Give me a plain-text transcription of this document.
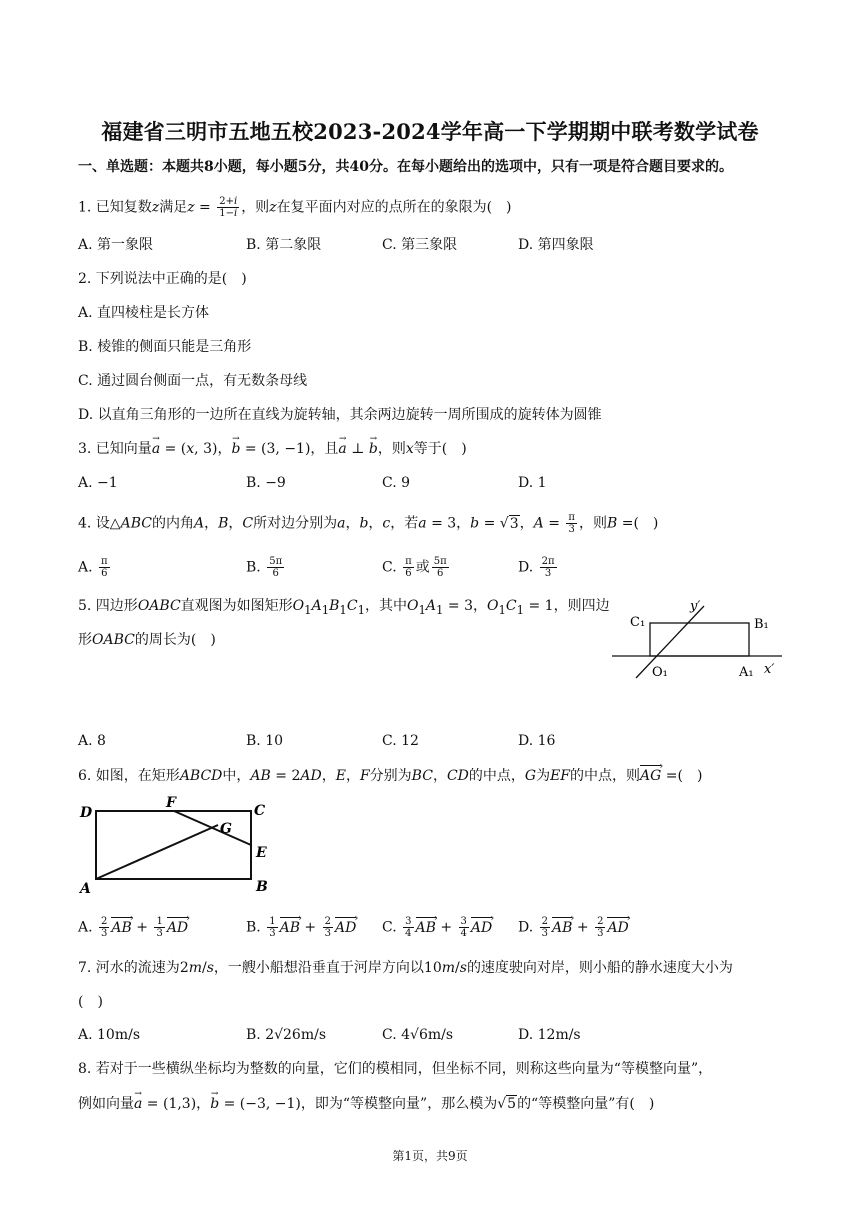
福建省三明市五地五校2023-2024学年高一下学期期中联考数学试卷
一、单选题：本题共8小题，每小题5分，共40分。在每小题给出的选项中，只有一项是符合题目要求的。
1. 已知复数z满足$z = \frac{2+i}{1-i}$ ，则z在复平面内对应的点所在的象限为(　)
A. 第一象限	B. 第二象限	C. 第三象限	D. 第四象限
2. 下列说法中正确的是(　)
A. 直四棱柱是长方体
B. 棱锥的侧面只能是三角形
C. 通过圆台侧面一点，有无数条母线
D. 以直角三角形的一边所在直线为旋转轴，其余两边旋转一周所围成的旋转体为圆锥
3. 已知向量→ a = (x, 3)，→ b = (3, −1)，且→ a ⊥ → b，则x等于(　)
A. −1	B. −9	C. 9	D. 1
4. 设△ABC的内角A，B，C所对边分别为a，b，c，若a = 3，b = √3，$A = \frac{\pi}{3}$ ，则B =(　)
A. $\frac{\pi}{6}$	B. $\frac{5\pi}{6}$	C. $\frac{\pi}{6}$ 或 $\frac{5\pi}{6}$	D. $\frac{2\pi}{3}$
5. 四边形OABC直观图为如图矩形$O_1A_1B_1C_1$，其中$O_1A_1 = 3$，$O_1C_1 = 1$，则四边
形OABC的周长为(　)
C₁	B₁
O₁	A₁ x′
y′
A. 8	B. 10	C. 12	D. 16
6. 如图，在矩形ABCD中，AB = 2AD，E，F分别为BC，CD的中点，G为EF的中点，则AG › =(　)
D
F	C
G
E
A	B
A. $\frac{2}{3}$ AB › + $\frac{1}{3}$ AD ›	B. $\frac{1}{3}$ AB › + $\frac{2}{3}$ AD › C. $\frac{3}{4}$ AB › + $\frac{3}{4}$ AD › D. $\frac{2}{3}$ AB › + $\frac{2}{3}$ AD ›
7. 河水的流速为2m/s，一艘小船想沿垂直于河岸方向以10m/s的速度驶向对岸，则小船的静水速度大小为
(　)
A. 10m/s	B. 2√26m/s	C. 4√6m/s	D. 12m/s
8. 若对于一些横纵坐标均为整数的向量，它们的模相同，但坐标不同，则称这些向量为“等模整向量”，
例如向量→ a = (1,3)，→ b = (−3, −1)，即为“等模整向量”，那么模为√5的“等模整向量”有(　)
第1页，共9页
